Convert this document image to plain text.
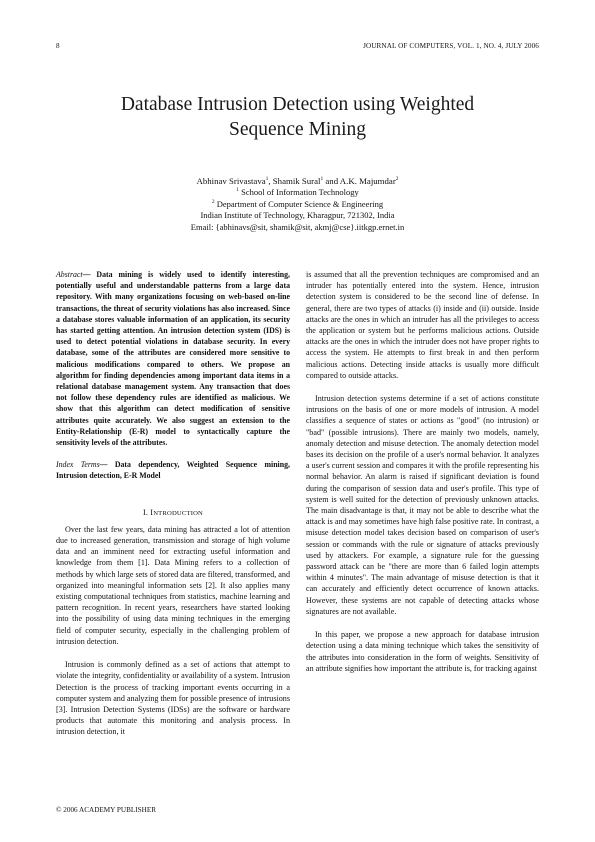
8	JOURNAL OF COMPUTERS, VOL. 1, NO. 4, JULY 2006
Database Intrusion Detection using Weighted
Sequence Mining
Abhinav Srivastava$^1$, Shamik Sural$^1$ and A.K. Majumdar$^2$
$^1$ School of Information Technology
$^2$ Department of Computer Science & Engineering
Indian Institute of Technology, Kharagpur, 721302, India
Email: {abhinavs@sit, shamik@sit, akmj@cse}.iitkgp.ernet.in

Abstract— Data mining is widely used to identify interesting, potentially useful and understandable patterns from a large data repository. With many organizations focusing on web-based on-line transactions, the threat of security violations has also increased. Since a database stores valuable information of an application, its security has started getting attention. An intrusion detection system (IDS) is used to detect potential violations in database security. In every database, some of the attributes are considered more sensitive to malicious modifications compared to others. We propose an algorithm for finding dependencies among important data items in a relational database management system. Any transaction that does not follow these dependency rules are identified as malicious. We show that this algorithm can detect modification of sensitive attributes quite accurately. We also suggest an extension to the Entity-Relationship (E-R) model to syntactically capture the sensitivity levels of the attributes.

Index Terms— Data dependency, Weighted Sequence mining, Intrusion detection, E-R Model

I. INTRODUCTION

Over the last few years, data mining has attracted a lot of attention due to increased generation, transmission and storage of high volume data and an imminent need for extracting useful information and knowledge from them [1]. Data Mining refers to a collection of methods by which large sets of stored data are filtered, transformed, and organized into meaningful information sets [2]. It also applies many existing computational techniques from statistics, machine learning and pattern recognition. In recent years, researchers have started looking into the possibility of using data mining techniques in the emerging field of computer security, especially in the challenging problem of intrusion detection.

Intrusion is commonly defined as a set of actions that attempt to violate the integrity, confidentiality or availability of a system. Intrusion Detection is the process of tracking important events occurring in a computer system and analyzing them for possible presence of intrusions [3]. Intrusion Detection Systems (IDSs) are the software or hardware products that automate this monitoring and analysis process. In intrusion detection, it

is assumed that all the prevention techniques are compromised and an intruder has potentially entered into the system. Hence, intrusion detection system is considered to be the second line of defense. In general, there are two types of attacks (i) inside and (ii) outside. Inside attacks are the ones in which an intruder has all the privileges to access the application or system but he performs malicious actions. Outside attacks are the ones in which the intruder does not have proper rights to access the system. He attempts to first break in and then perform malicious actions. Detecting inside attacks is usually more difficult compared to outside attacks.

Intrusion detection systems determine if a set of actions constitute intrusions on the basis of one or more models of intrusion. A model classifies a sequence of states or actions as "good" (no intrusion) or "bad" (possible intrusions). There are mainly two models, namely, anomaly detection and misuse detection. The anomaly detection model bases its decision on the profile of a user's normal behavior. It analyzes a user's current session and compares it with the profile representing his normal behavior. An alarm is raised if significant deviation is found during the comparison of session data and user's profile. This type of system is well suited for the detection of previously unknown attacks. The main disadvantage is that, it may not be able to describe what the attack is and may sometimes have high false positive rate. In contrast, a misuse detection model takes decision based on comparison of user's session or commands with the rule or signature of attacks previously used by attackers. For example, a signature rule for the guessing password attack can be "there are more than 6 failed login attempts within 4 minutes". The main advantage of misuse detection is that it can accurately and efficiently detect occurrence of known attacks. However, these systems are not capable of detecting attacks whose signatures are not available.

In this paper, we propose a new approach for database intrusion detection using a data mining technique which takes the sensitivity of the attributes into consideration in the form of weights. Sensitivity of an attribute signifies how important the attribute is, for tracking against

© 2006 ACADEMY PUBLISHER
